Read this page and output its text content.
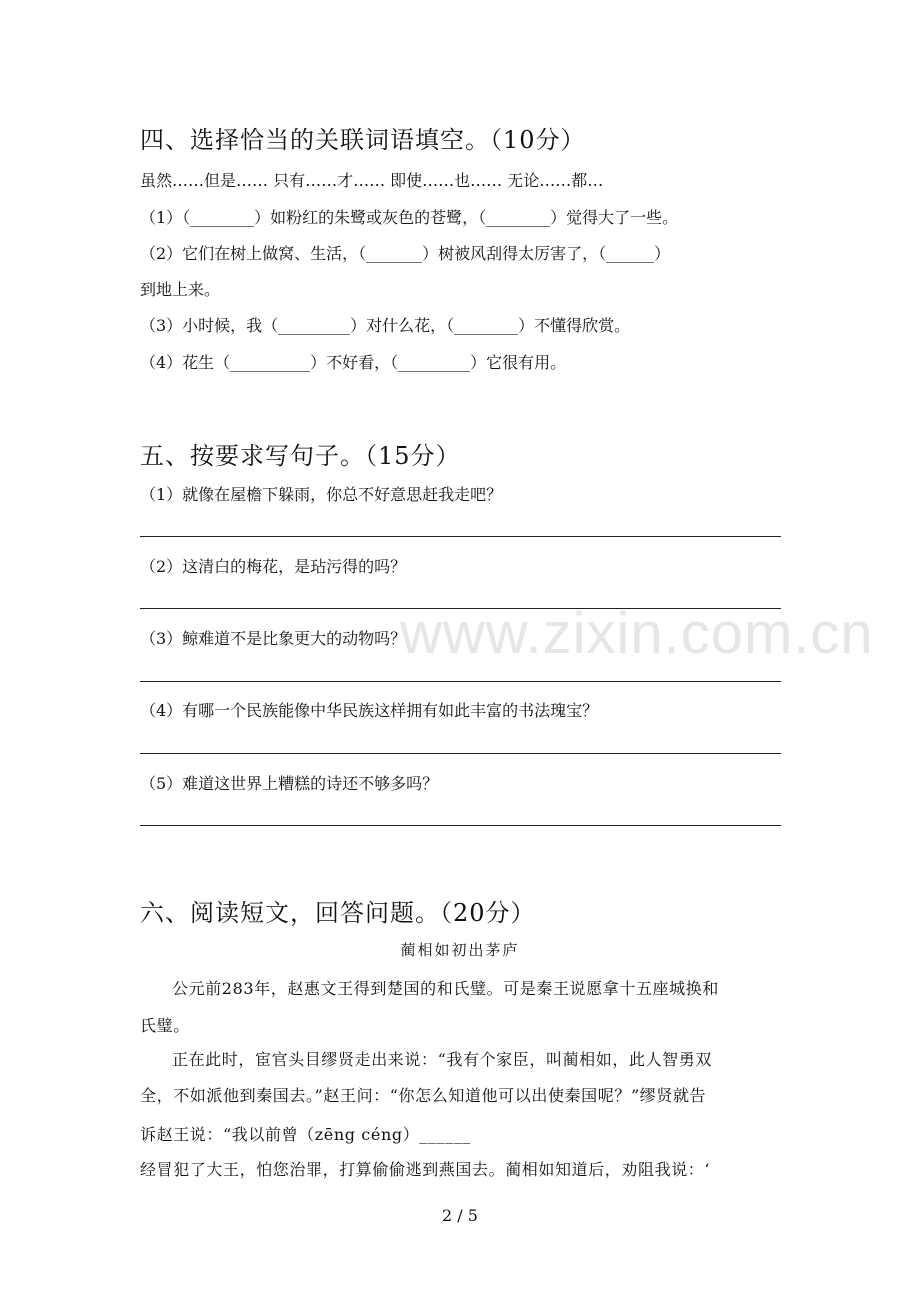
www.zixin.com.cn
四、选择恰当的关联词语填空。（10分）
虽然……但是…… 只有……才…… 即使……也…… 无论……都…
（1）（________）如粉红的朱鹭或灰色的苍鹭，（________）觉得大了一些。
（2）它们在树上做窝、生活，（_______）树被风刮得太厉害了，（______）
到地上来。
（3）小时候，我（_________）对什么花，（________）不懂得欣赏。
（4）花生（__________）不好看，（_________）它很有用。
五、按要求写句子。（15分）
（1）就像在屋檐下躲雨，你总不好意思赶我走吧？
（2）这清白的梅花，是玷污得的吗？
（3）鲸难道不是比象更大的动物吗？
（4）有哪一个民族能像中华民族这样拥有如此丰富的书法瑰宝？
（5）难道这世界上糟糕的诗还不够多吗？
六、阅读短文，回答问题。（20分）
蔺相如初出茅庐
公元前283年，赵惠文王得到楚国的和氏璧。可是秦王说愿拿十五座城换和
氏璧。
正在此时，宦官头目缪贤走出来说：“我有个家臣，叫蔺相如，此人智勇双
全，不如派他到秦国去。”赵王问：“你怎么知道他可以出使秦国呢？”缪贤就告
诉赵王说：“我以前曾（zēng céng）______
经冒犯了大王，怕您治罪，打算偷偷逃到燕国去。蔺相如知道后，劝阻我说：‘
2 / 5
